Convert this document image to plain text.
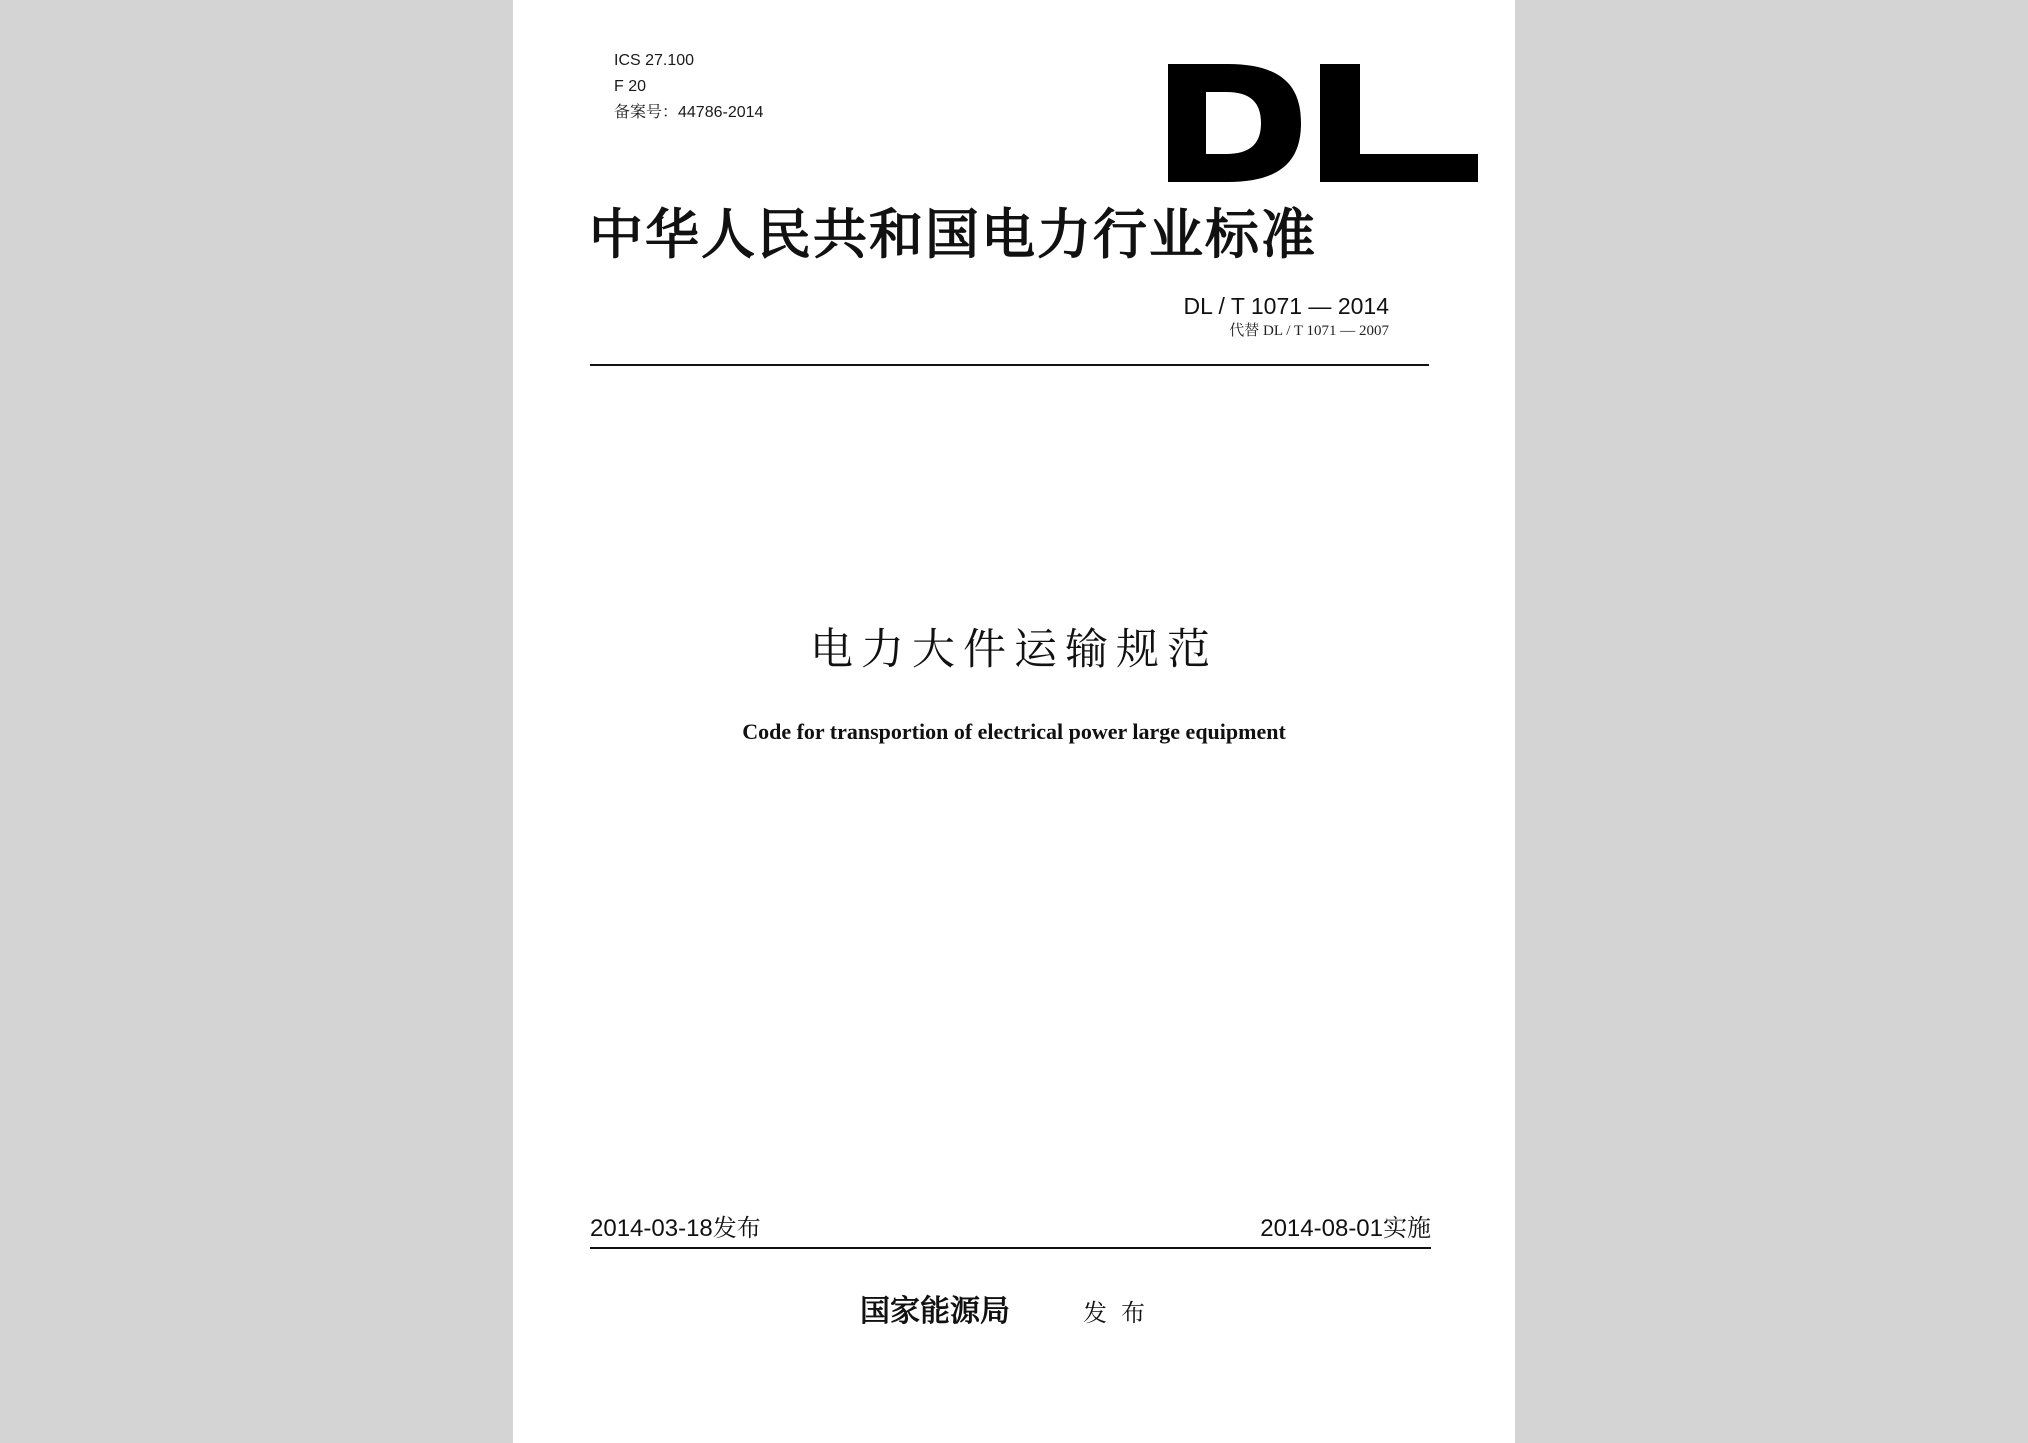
ICS 27.100
F 20
备案号：44786-2014
中华人民共和国电力行业标准
DL / T 1071 — 2014
代替 DL / T 1071 — 2007
电力大件运输规范
Code for transportion of electrical power large equipment
2014-03-18发布	2014-08-01实施
国家能源局	发布
